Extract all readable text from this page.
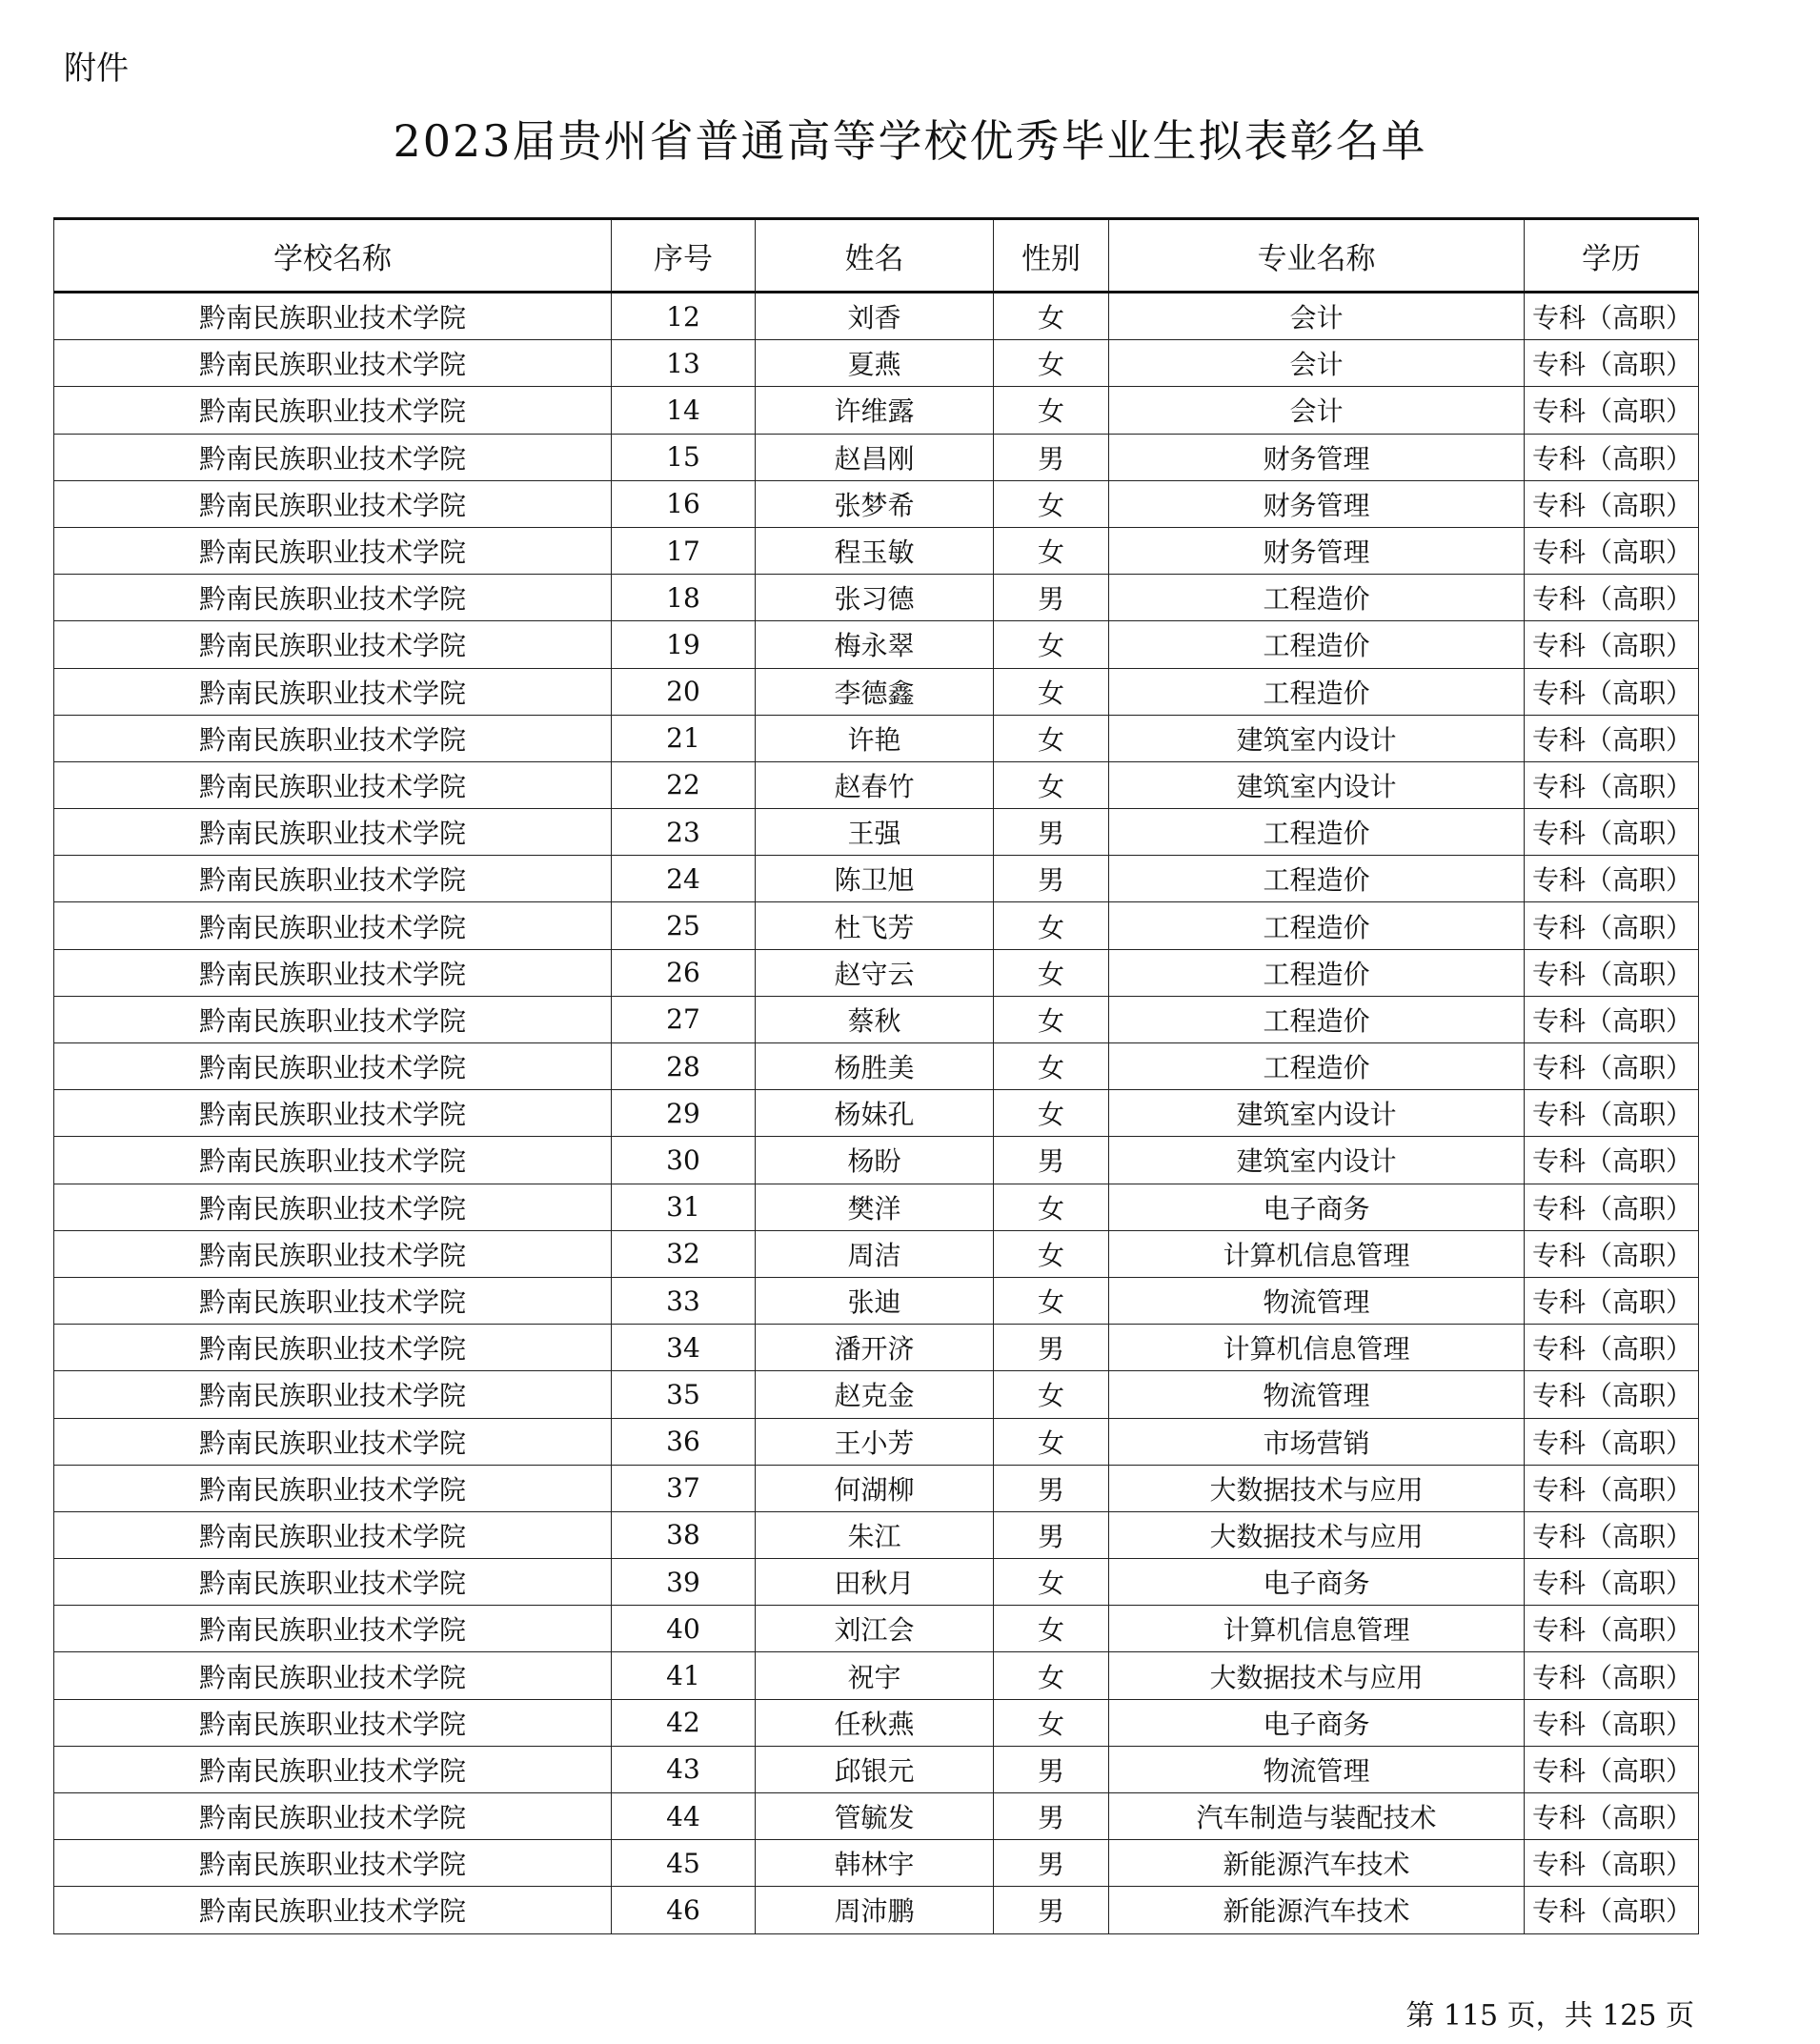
附件
2023届贵州省普通高等学校优秀毕业生拟表彰名单
学校名称	序号	姓名	性别	专业名称	学历
黔南民族职业技术学院	12	刘香	女	会计	专科（高职）
黔南民族职业技术学院	13	夏燕	女	会计	专科（高职）
黔南民族职业技术学院	14	许维露	女	会计	专科（高职）
黔南民族职业技术学院	15	赵昌刚	男	财务管理	专科（高职）
黔南民族职业技术学院	16	张梦希	女	财务管理	专科（高职）
黔南民族职业技术学院	17	程玉敏	女	财务管理	专科（高职）
黔南民族职业技术学院	18	张习德	男	工程造价	专科（高职）
黔南民族职业技术学院	19	梅永翠	女	工程造价	专科（高职）
黔南民族职业技术学院	20	李德鑫	女	工程造价	专科（高职）
黔南民族职业技术学院	21	许艳	女	建筑室内设计	专科（高职）
黔南民族职业技术学院	22	赵春竹	女	建筑室内设计	专科（高职）
黔南民族职业技术学院	23	王强	男	工程造价	专科（高职）
黔南民族职业技术学院	24	陈卫旭	男	工程造价	专科（高职）
黔南民族职业技术学院	25	杜飞芳	女	工程造价	专科（高职）
黔南民族职业技术学院	26	赵守云	女	工程造价	专科（高职）
黔南民族职业技术学院	27	蔡秋	女	工程造价	专科（高职）
黔南民族职业技术学院	28	杨胜美	女	工程造价	专科（高职）
黔南民族职业技术学院	29	杨妹孔	女	建筑室内设计	专科（高职）
黔南民族职业技术学院	30	杨盼	男	建筑室内设计	专科（高职）
黔南民族职业技术学院	31	樊洋	女	电子商务	专科（高职）
黔南民族职业技术学院	32	周洁	女	计算机信息管理	专科（高职）
黔南民族职业技术学院	33	张迪	女	物流管理	专科（高职）
黔南民族职业技术学院	34	潘开济	男	计算机信息管理	专科（高职）
黔南民族职业技术学院	35	赵克金	女	物流管理	专科（高职）
黔南民族职业技术学院	36	王小芳	女	市场营销	专科（高职）
黔南民族职业技术学院	37	何湖柳	男	大数据技术与应用	专科（高职）
黔南民族职业技术学院	38	朱江	男	大数据技术与应用	专科（高职）
黔南民族职业技术学院	39	田秋月	女	电子商务	专科（高职）
黔南民族职业技术学院	40	刘江会	女	计算机信息管理	专科（高职）
黔南民族职业技术学院	41	祝宇	女	大数据技术与应用	专科（高职）
黔南民族职业技术学院	42	任秋燕	女	电子商务	专科（高职）
黔南民族职业技术学院	43	邱银元	男	物流管理	专科（高职）
黔南民族职业技术学院	44	管毓发	男	汽车制造与装配技术	专科（高职）
黔南民族职业技术学院	45	韩林宇	男	新能源汽车技术	专科（高职）
黔南民族职业技术学院	46	周沛鹏	男	新能源汽车技术	专科（高职）
第 115 页，共 125 页
